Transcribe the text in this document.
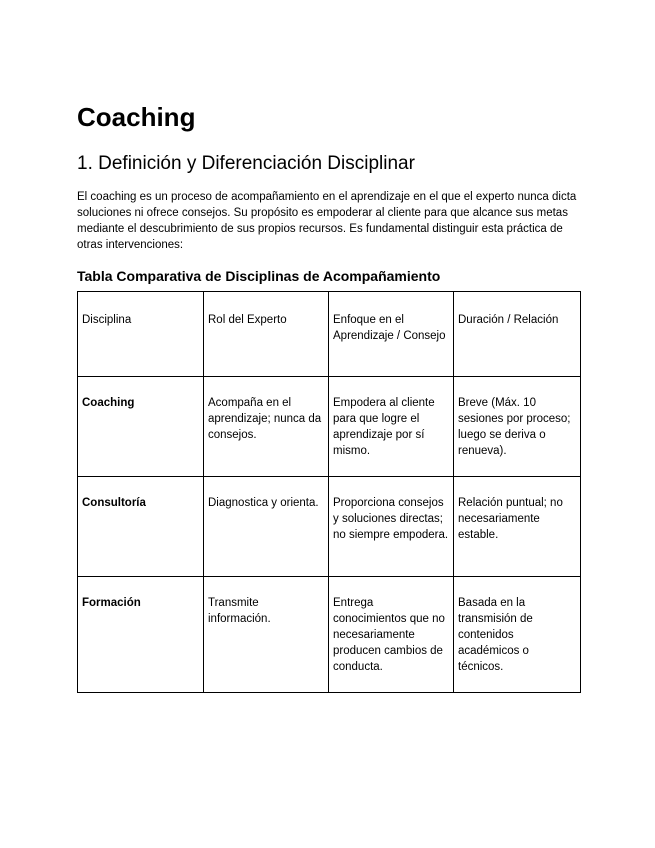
Coaching
1. Definición y Diferenciación Disciplinar

El coaching es un proceso de acompañamiento en el aprendizaje en el que el experto nunca dicta soluciones ni ofrece consejos. Su propósito es empoderar al cliente para que alcance sus metas mediante el descubrimiento de sus propios recursos. Es fundamental distinguir esta práctica de otras intervenciones:

Tabla Comparativa de Disciplinas de Acompañamiento
Disciplina	Rol del Experto	Enfoque en el Aprendizaje / Consejo	Duración / Relación
Coaching	Acompaña en el aprendizaje; nunca da consejos.	Empodera al cliente para que logre el aprendizaje por sí mismo.	Breve (Máx. 10 sesiones por proceso; luego se deriva o renueva).
Consultoría	Diagnostica y orienta.	Proporciona consejos y soluciones directas; no siempre empodera.	Relación puntual; no necesariamente estable.
Formación	Transmite información.	Entrega conocimientos que no necesariamente producen cambios de conducta.	Basada en la transmisión de contenidos académicos o técnicos.
